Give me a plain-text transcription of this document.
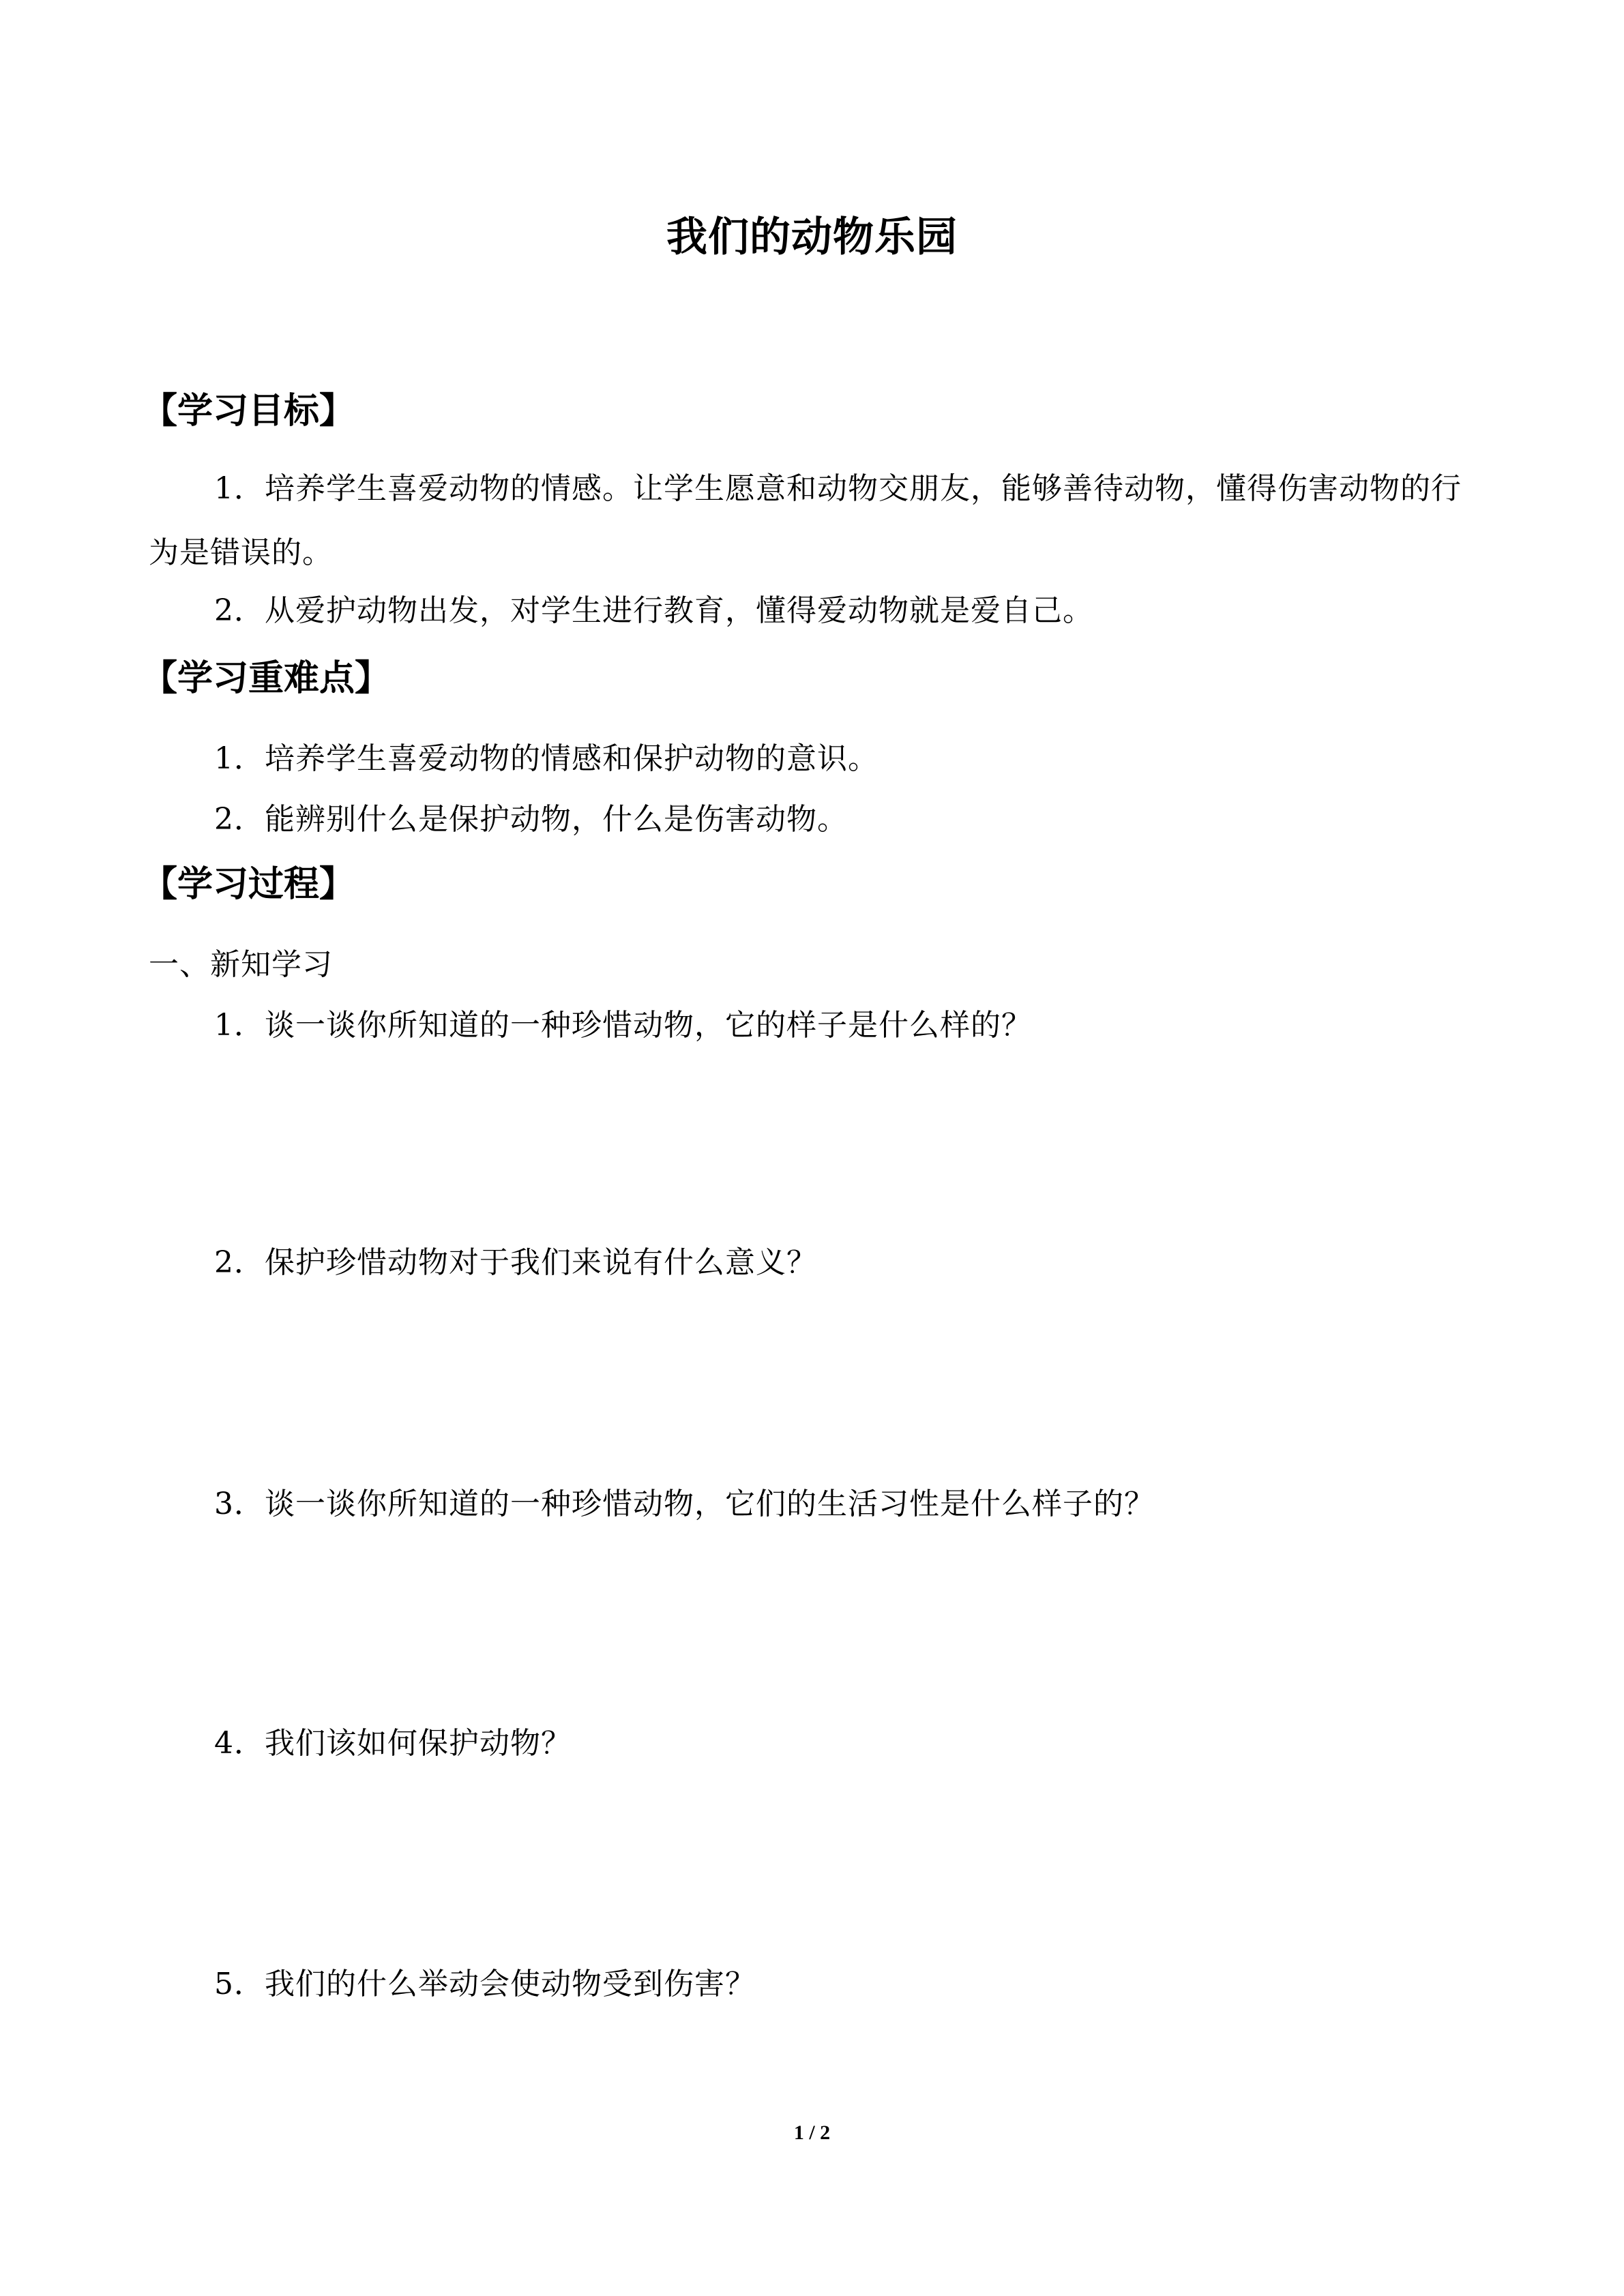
我们的动物乐园
【学习目标】
1．培养学生喜爱动物的情感。让学生愿意和动物交朋友，能够善待动物，懂得伤害动物的行为是错误的。
2．从爱护动物出发，对学生进行教育，懂得爱动物就是爱自己。
【学习重难点】
1．培养学生喜爱动物的情感和保护动物的意识。
2．能辨别什么是保护动物，什么是伤害动物。
【学习过程】
一、新知学习
1．谈一谈你所知道的一种珍惜动物，它的样子是什么样的？
2．保护珍惜动物对于我们来说有什么意义？
3．谈一谈你所知道的一种珍惜动物，它们的生活习性是什么样子的？
4．我们该如何保护动物？
5．我们的什么举动会使动物受到伤害？
1 / 2
